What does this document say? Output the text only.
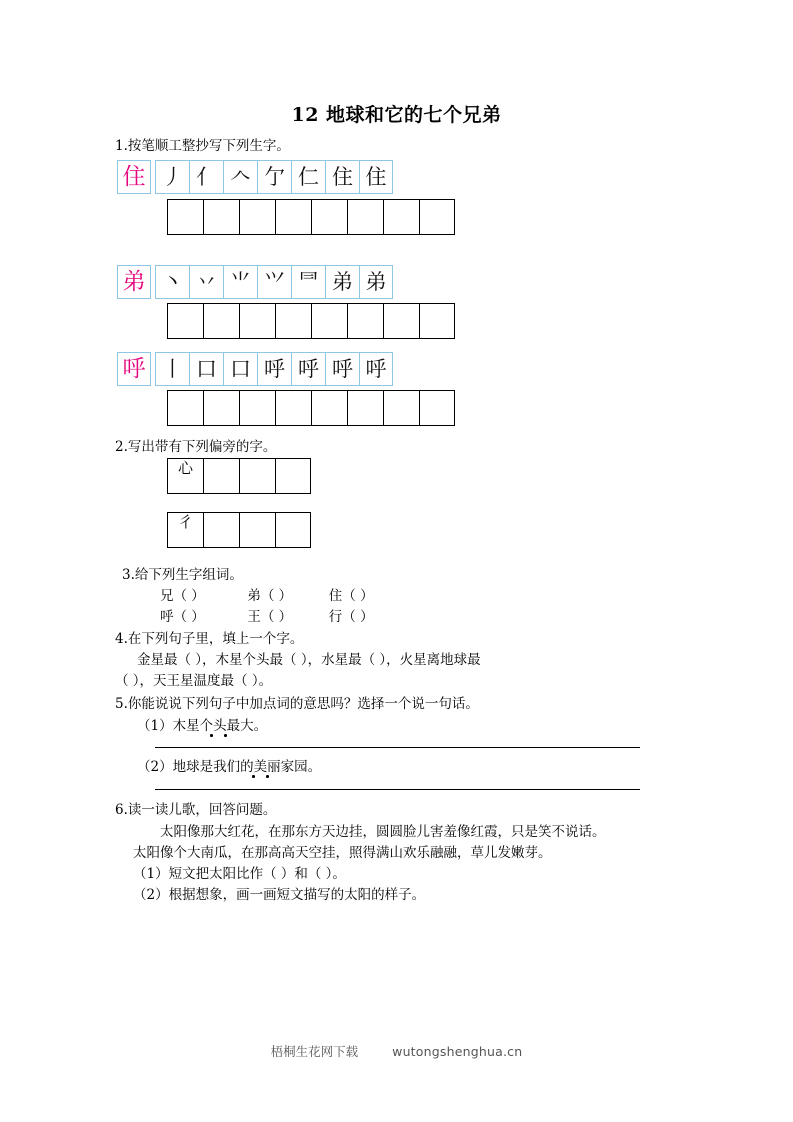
12 地球和它的七个兄弟
1.按笔顺工整抄写下列生字。
住 丿 亻 𠆢 亇 仁 住 住
弟 丶 丷 ⺌ ⺍ ⺜ 弟 弟
呼 丨 口 口 呼 呼 呼 呼
2.写出带有下列偏旁的字。
心
彳
3.给下列生字组词。
兄（ ）	弟（ ）	住（ ）
呼（ ）	王（ ）	行（ ）
4.在下列句子里，填上一个字。
金星最（ ），木星个头最（ ），水星最（ ），火星离地球最
（ ），天王星温度最（ ）。
5.你能说说下列句子中加点词的意思吗？选择一个说一句话。
（1）木星个头最大。
（2）地球是我们的美丽家园。
6.读一读儿歌，回答问题。
太阳像那大红花，在那东方天边挂，圆圆脸儿害羞像红霞，只是笑不说话。
太阳像个大南瓜，在那高高天空挂，照得满山欢乐融融，草儿发嫩芽。
（1）短文把太阳比作（ ）和（ ）。
（2）根据想象，画一画短文描写的太阳的样子。
梧桐生花网下载	wutongshenghua.cn
